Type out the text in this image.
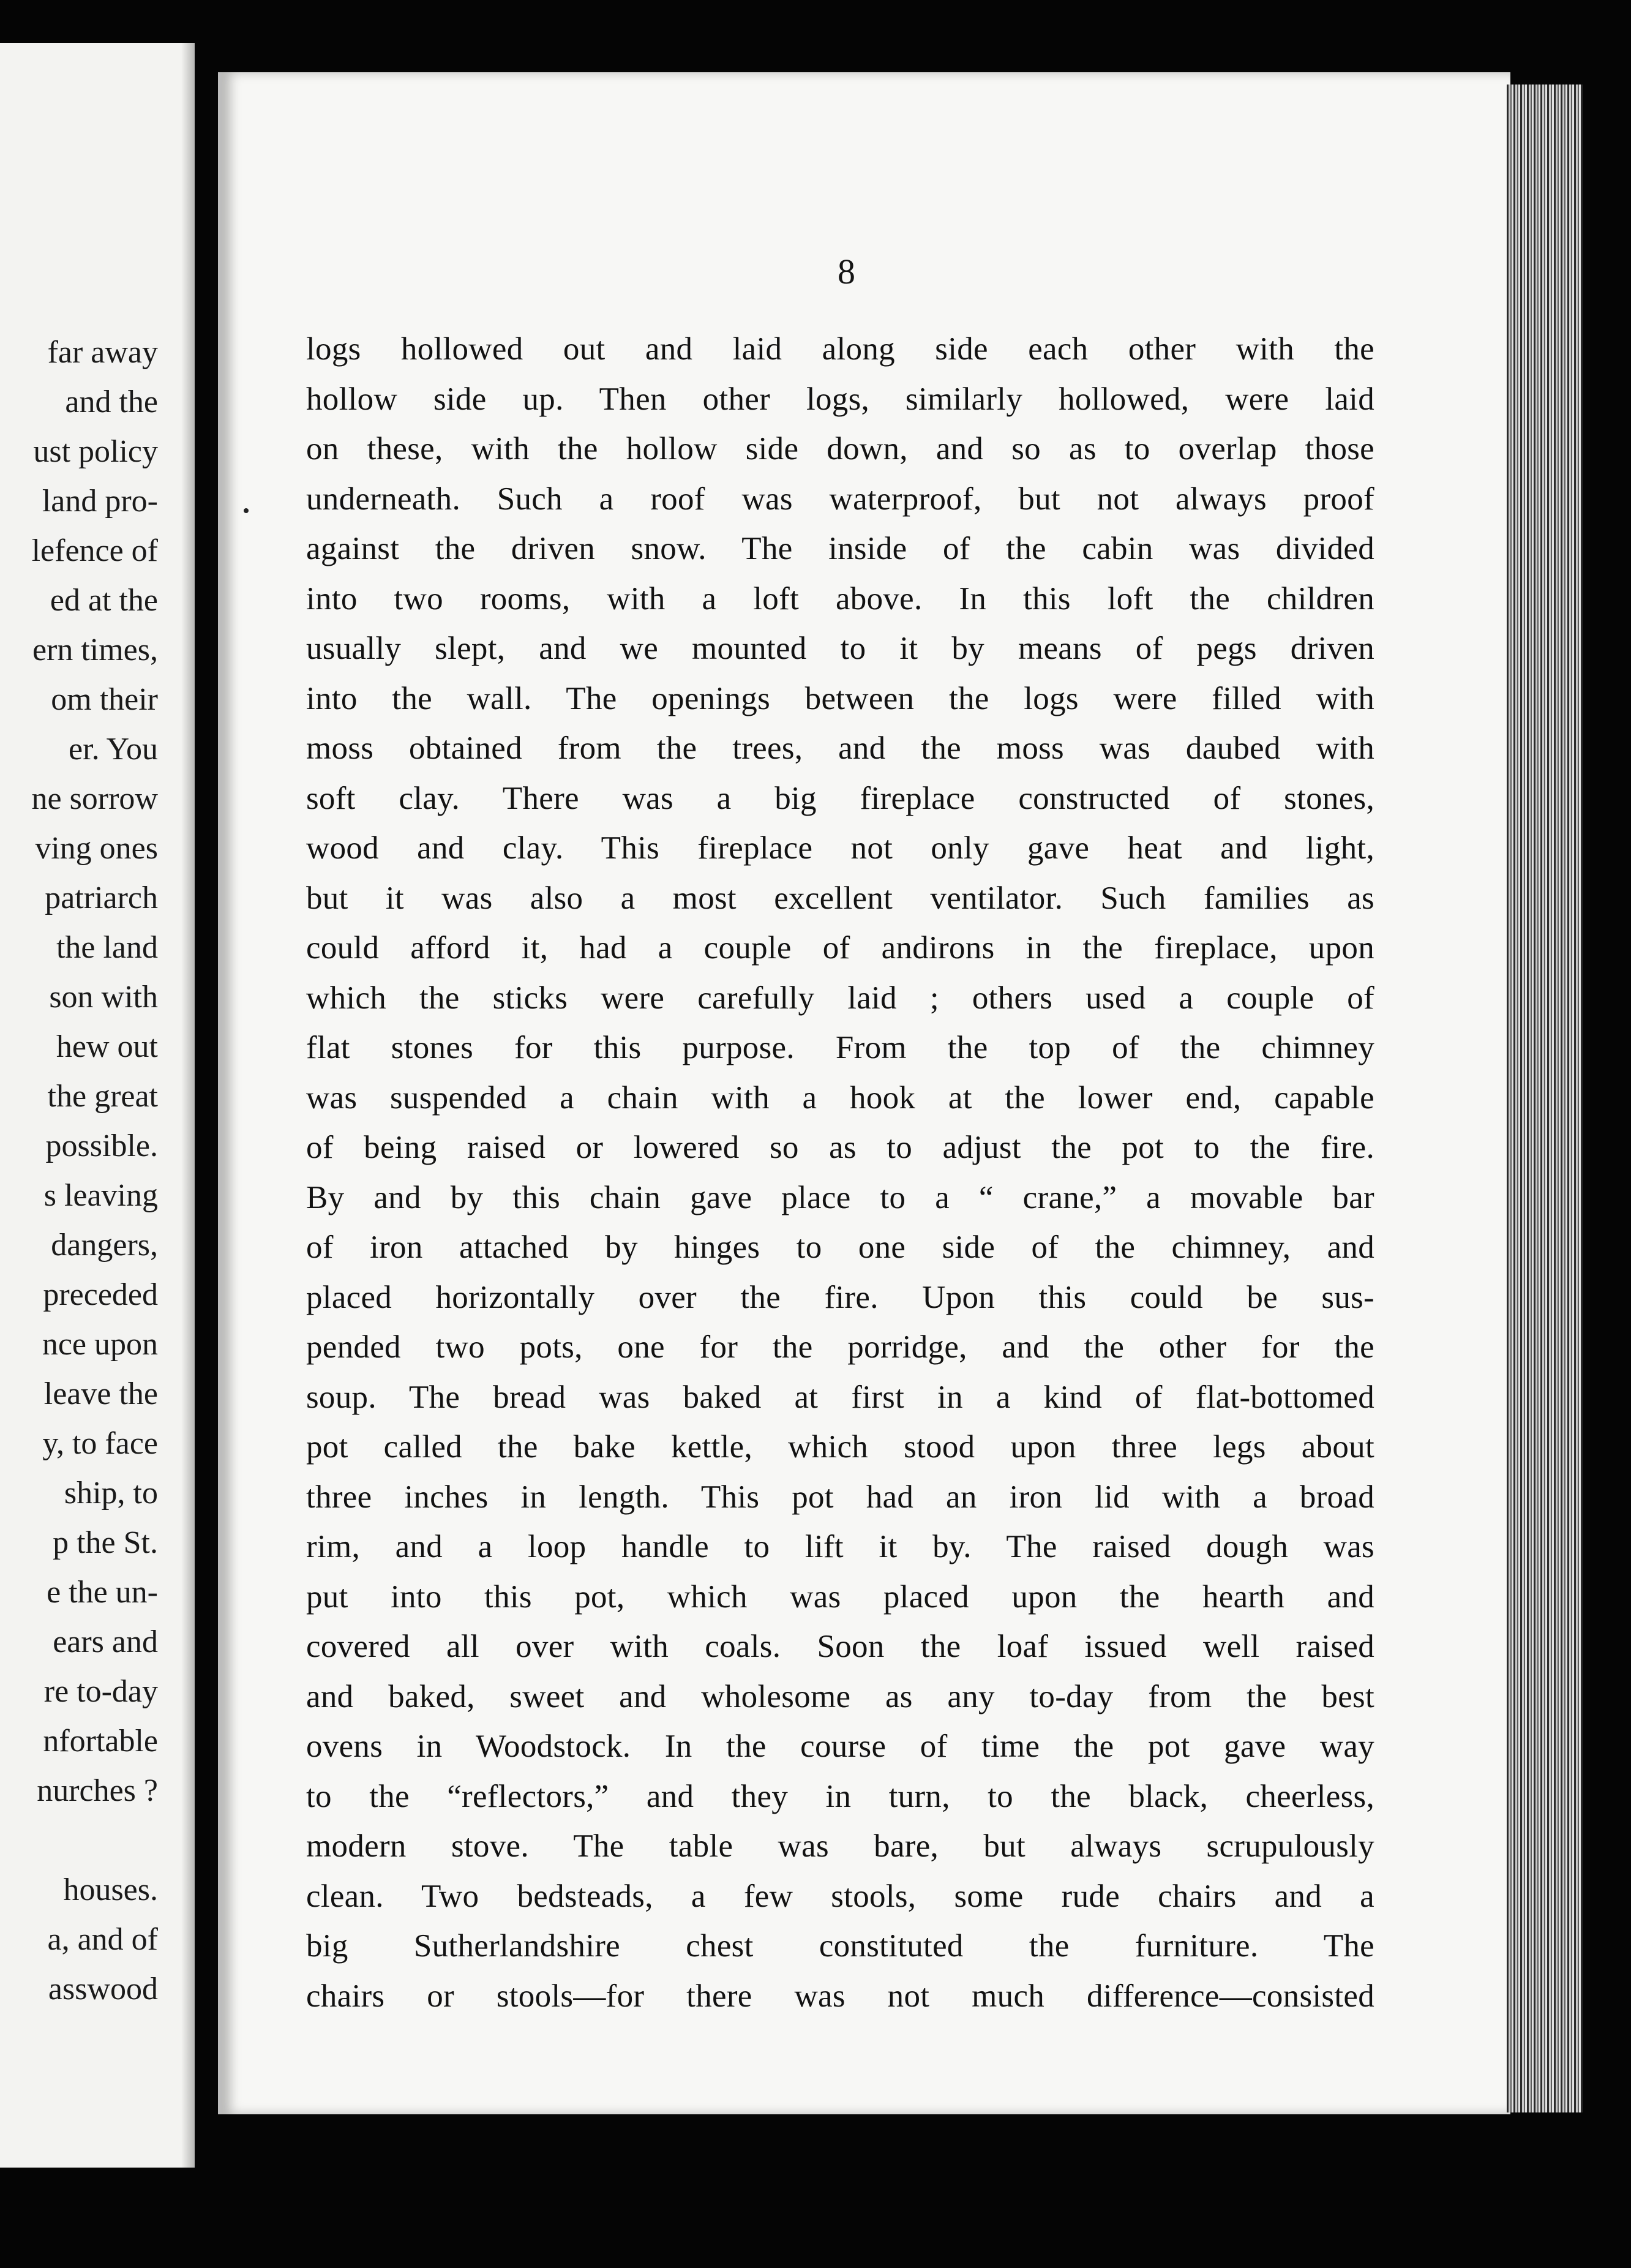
far away
and the
ust policy
land pro-
lefence of
ed at the
ern times,
om their
er. You
ne sorrow
ving ones
patriarch
the land
son with
hew out
the great
possible.
s leaving
dangers,
preceded
nce upon
leave the
y, to face
ship, to
p the St.
e the un-
ears and
re to-day
nfortable
nurches ?
houses.
a, and of
asswood
8
logs hollowed out and laid along side each other with the
hollow side up. Then other logs, similarly hollowed, were laid
on these, with the hollow side down, and so as to overlap those
underneath. Such a roof was waterproof, but not always proof
against the driven snow. The inside of the cabin was divided
into two rooms, with a loft above. In this loft the children
usually slept, and we mounted to it by means of pegs driven
into the wall. The openings between the logs were filled with
moss obtained from the trees, and the moss was daubed with
soft clay. There was a big fireplace constructed of stones,
wood and clay. This fireplace not only gave heat and light,
but it was also a most excellent ventilator. Such families as
could afford it, had a couple of andirons in the fireplace, upon
which the sticks were carefully laid ; others used a couple of
flat stones for this purpose. From the top of the chimney
was suspended a chain with a hook at the lower end, capable
of being raised or lowered so as to adjust the pot to the fire.
By and by this chain gave place to a “ crane,” a movable bar
of iron attached by hinges to one side of the chimney, and
placed horizontally over the fire. Upon this could be sus-
pended two pots, one for the porridge, and the other for the
soup. The bread was baked at first in a kind of flat-bottomed
pot called the bake kettle, which stood upon three legs about
three inches in length. This pot had an iron lid with a broad
rim, and a loop handle to lift it by. The raised dough was
put into this pot, which was placed upon the hearth and
covered all over with coals. Soon the loaf issued well raised
and baked, sweet and wholesome as any to-day from the best
ovens in Woodstock. In the course of time the pot gave way
to the “reflectors,” and they in turn, to the black, cheerless,
modern stove. The table was bare, but always scrupulously
clean. Two bedsteads, a few stools, some rude chairs and a
big Sutherlandshire chest constituted the furniture. The
chairs or stools—for there was not much difference—consisted
